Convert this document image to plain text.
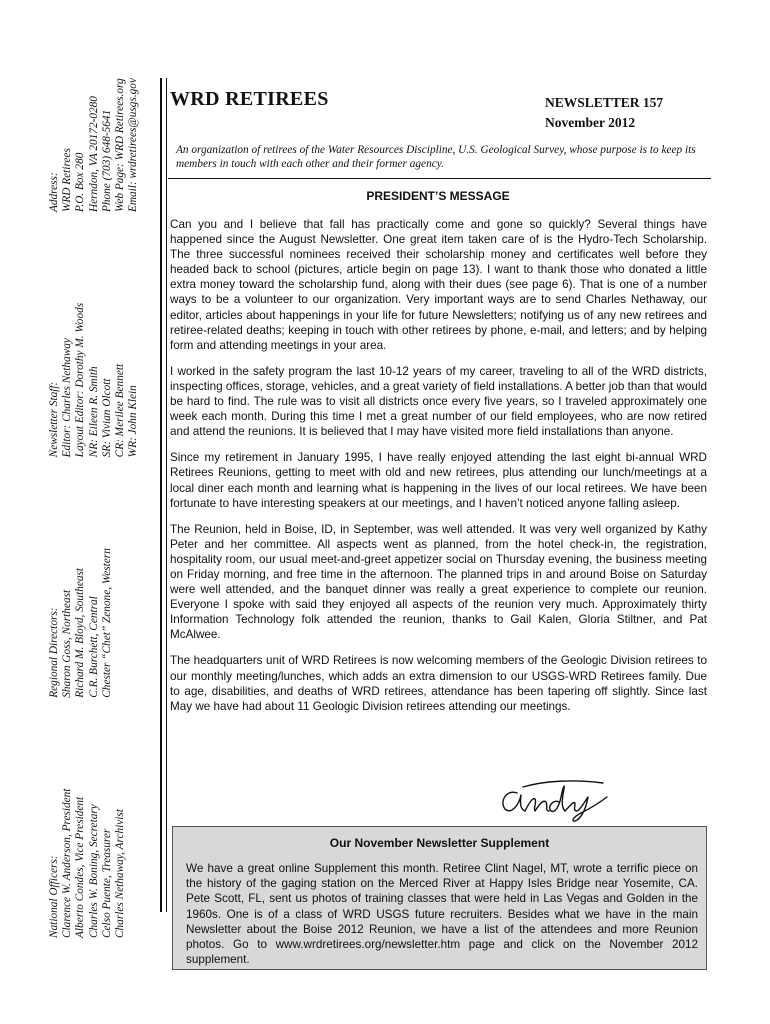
National Officers: Clarence W. Anderson, President Alberto Condes, Vice President Charles W. Boning, Secretary Celso Puente, Treasurer Charles Nethaway, Archivist
Regional Directors: Sharon Goss, Northeast Richard M. Bloyd, Southeast C.R. Burchett, Central Chester “Chet” Zenone, Western
Newsletter Staff: Editor: Charles Nethaway Layout Editor: Dorothy M. Woods NR: Eileen R. Smith SR: Vivian Olcott CR: Merilee Bennett WR: John Klein
Address: WRD Retirees P.O. Box 280 Herndon, VA 20172-0280 Phone (703) 648-5641 Web Page: WRD Retirees.org Email: wrdretirees@usgs.gov WRD RETIREES	NEWSLETTER 157
November 2012
An organization of retirees of the Water Resources Discipline, U.S. Geological Survey, whose purpose is to keep its members in touch with each other and their former agency.
PRESIDENT’S MESSAGE

Can you and I believe that fall has practically come and gone so quickly? Several things have happened since the August Newsletter. One great item taken care of is the Hydro-Tech Scholarship. The three successful nominees received their scholarship money and certificates well before they headed back to school (pictures, article begin on page 13). I want to thank those who donated a little extra money toward the scholarship fund, along with their dues (see page 6). That is one of a number ways to be a volunteer to our organization. Very important ways are to send Charles Nethaway, our editor, articles about happenings in your life for future Newsletters; notifying us of any new retirees and retiree-related deaths; keeping in touch with other retirees by phone, e-mail, and letters; and by helping form and attending meetings in your area.

I worked in the safety program the last 10-12 years of my career, traveling to all of the WRD districts, inspecting offices, storage, vehicles, and a great variety of field installations. A better job than that would be hard to find. The rule was to visit all districts once every five years, so I traveled approximately one week each month. During this time I met a great number of our field employees, who are now retired and attend the reunions. It is believed that I may have visited more field installations than anyone.

Since my retirement in January 1995, I have really enjoyed attending the last eight bi-annual WRD Retirees Reunions, getting to meet with old and new retirees, plus attending our lunch/meetings at a local diner each month and learning what is happening in the lives of our local retirees. We have been fortunate to have interesting speakers at our meetings, and I haven’t noticed anyone falling asleep.

The Reunion, held in Boise, ID, in September, was well attended. It was very well organized by Kathy Peter and her committee. All aspects went as planned, from the hotel check-in, the registration, hospitality room, our usual meet-and-greet appetizer social on Thursday evening, the business meeting on Friday morning, and free time in the afternoon. The planned trips in and around Boise on Saturday were well attended, and the banquet dinner was really a great experience to complete our reunion. Everyone I spoke with said they enjoyed all aspects of the reunion very much. Approximately thirty Information Technology folk attended the reunion, thanks to Gail Kalen, Gloria Stiltner, and Pat McAlwee.

The headquarters unit of WRD Retirees is now welcoming members of the Geologic Division retirees to our monthly meeting/lunches, which adds an extra dimension to our USGS-WRD Retirees family. Due to age, disabilities, and deaths of WRD retirees, attendance has been tapering off slightly. Since last May we have had about 11 Geologic Division retirees attending our meetings.

Our November Newsletter Supplement
We have a great online Supplement this month. Retiree Clint Nagel, MT, wrote a terrific piece on the history of the gaging station on the Merced River at Happy Isles Bridge near Yosemite, CA. Pete Scott, FL, sent us photos of training classes that were held in Las Vegas and Golden in the 1960s. One is of a class of WRD USGS future recruiters. Besides what we have in the main Newsletter about the Boise 2012 Reunion, we have a list of the attendees and more Reunion photos. Go to www.wrdretirees.org/newsletter.htm page and click on the November 2012 supplement.
